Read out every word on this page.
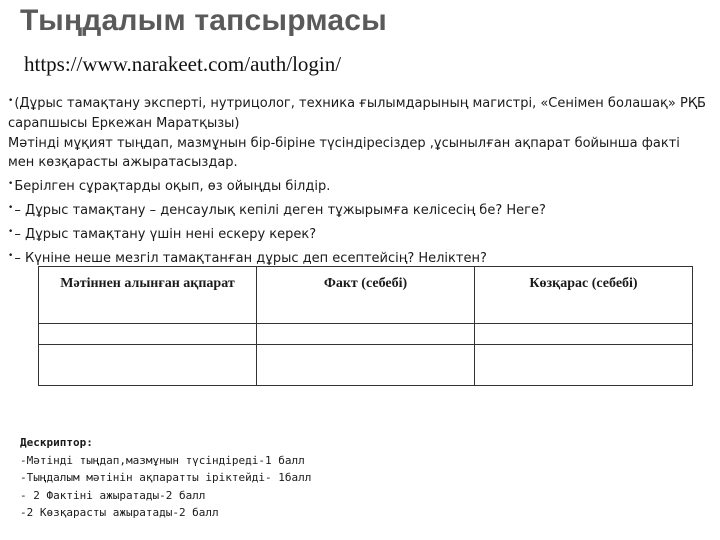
Тыңдалым тапсырмасы
https://www.narakeet.com/auth/login/

•(Дұрыс тамақтану эксперті, нутрицолог, техника ғылымдарының магистрі, «Сенімен болашақ» РҚБ сарапшысы Еркежан Маратқызы)

Мәтінді мұқият тыңдап, мазмұнын бір-біріне түсіндіресіздер ,ұсынылған ақпарат бойынша факті мен көзқарасты ажыратасыздар.

•Берілген сұрақтарды оқып, өз ойыңды білдір.

•– Дұрыс тамақтану – денсаулық кепілі деген тұжырымға келісесің бе? Неге?

•– Дұрыс тамақтану үшін нені ескеру керек?

•– Күніне неше мезгіл тамақтанған дұрыс деп есептейсің? Неліктен?

Мәтіннен алынған ақпарат	Факт (себебі)	Көзқарас (себебі)

Дескриптор:
-Мәтінді тыңдап,мазмұнын түсіндіреді-1 балл
-Тыңдалым мәтінін ақпаратты іріктейді- 1балл
- 2 Фактіні ажыратады-2 балл
-2 Көзқарасты ажыратады-2 балл
